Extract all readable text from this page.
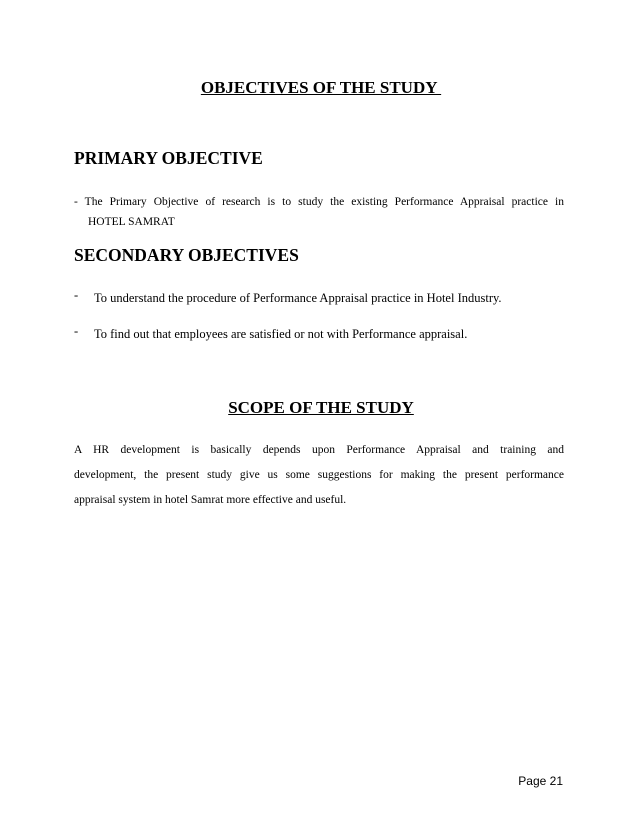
OBJECTIVES OF THE STUDY
PRIMARY OBJECTIVE
- The Primary Objective of research is to study the existing Performance Appraisal practice in
HOTEL SAMRAT
SECONDARY OBJECTIVES
- To understand the procedure of Performance Appraisal practice in Hotel Industry.
- To find out that employees are satisfied or not with Performance appraisal.
SCOPE OF THE STUDY
A HR development is basically depends upon Performance Appraisal and training and
development, the present study give us some suggestions for making the present performance
appraisal system in hotel Samrat more effective and useful.
Page 21
